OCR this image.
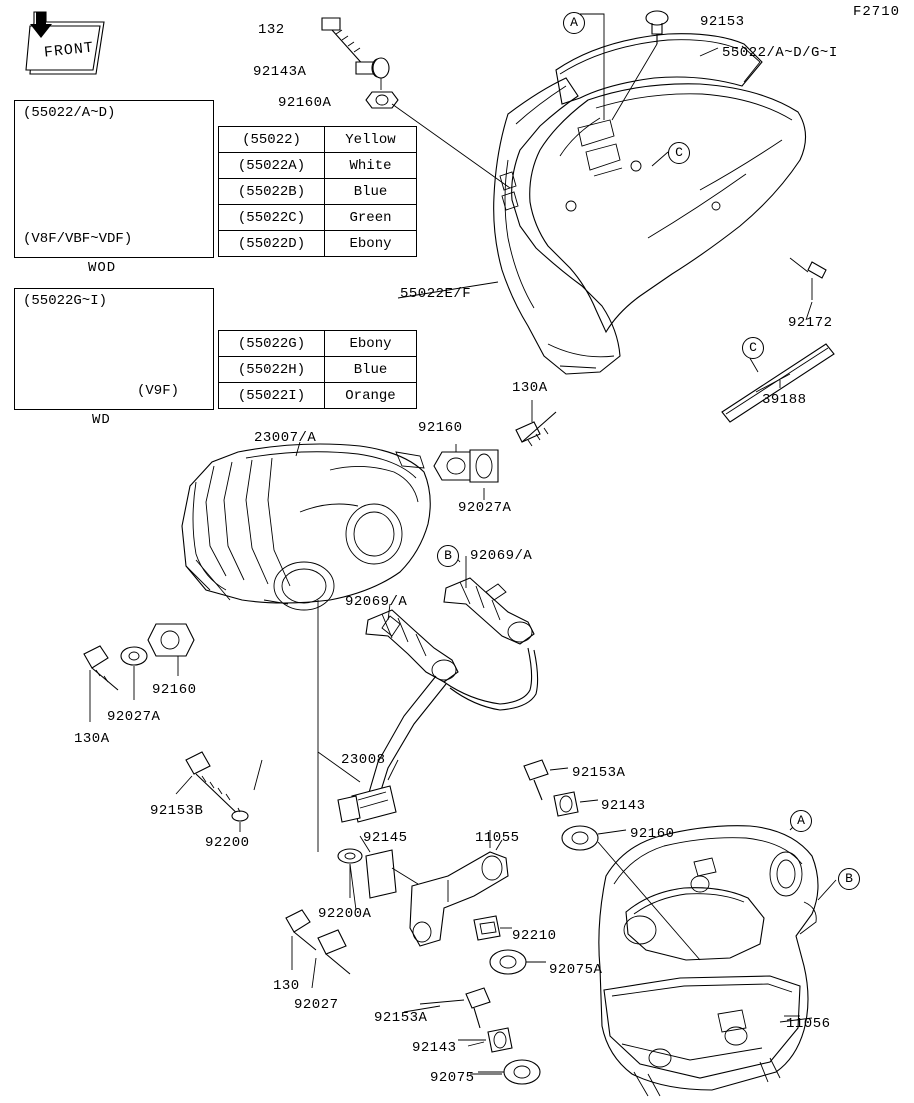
F2710
(55022/A~D)
(V8F/VBF~VDF)
WOD
(55022G~I)
(V9F)
WD
(55022)	Yellow
(55022A)	White
(55022B)	Blue
(55022C)	Green
(55022D)	Ebony
(55022G)	Ebony
(55022H)	Blue
(55022I)	Orange
132
92143A
92160A
92153
55022/A~D/G~I
55022E/F
92172
39188
130A
92160
23007/A
92027A
92069/A
92069/A
92160
92027A
130A
92153B
92200
23008
92145
92200A
11055
92210
92075A
130
92027
92153A
92143
92075
92153A
92143
92160
11056
A
C
C
B
A
B
FRONT
